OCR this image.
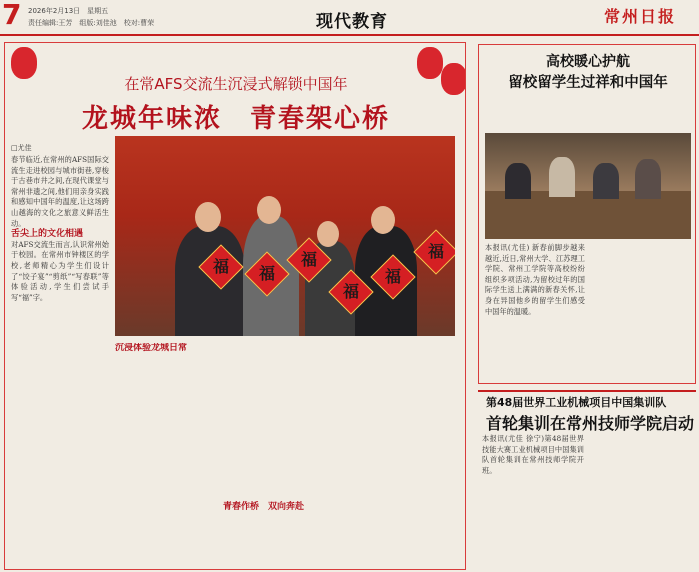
7 2026年2月13日　星期五
责任编辑:王芳　组版:刘佳池　校对:曹荣	现代教育	常州日报
在常AFS交流生沉浸式解锁中国年
龙城年味浓　青春架心桥
□尤佳
春节临近,在常州的AFS国际交流生走进校园与城市街巷,穿梭于古巷市井之间,在现代课堂与常州非遗之间,他们用亲身实践和感知中国年的温度,让这场跨山越海的文化之旅意义鲜活生动。
舌尖上的文化相遇
对AFS交流生而言,认识常州始于校园。在常州市钟楼区的学校,老师精心为学生们设计了“饺子宴”“剪纸”“写春联”等体验活动,学生们尝试手写“福”字。
福	福
福
福
福
福
沉浸体验龙城日常

青春作桥　双向奔赴
高校暖心护航
留校留学生过祥和中国年
本报讯(尤佳) 新春前脚步越来越近,近日,常州大学、江苏理工学院、常州工学院等高校纷纷组织多项活动,为留校过年的国际学生送上满满的新春关怀,让身在异国他乡的留学生们感受中国年的温暖。
第48届世界工业机械项目中国集训队
首轮集训在常州技师学院启动
本报讯(尤佳 徐宁)第48届世界技能大赛工业机械项目中国集训队首轮集训在常州技师学院开班。
